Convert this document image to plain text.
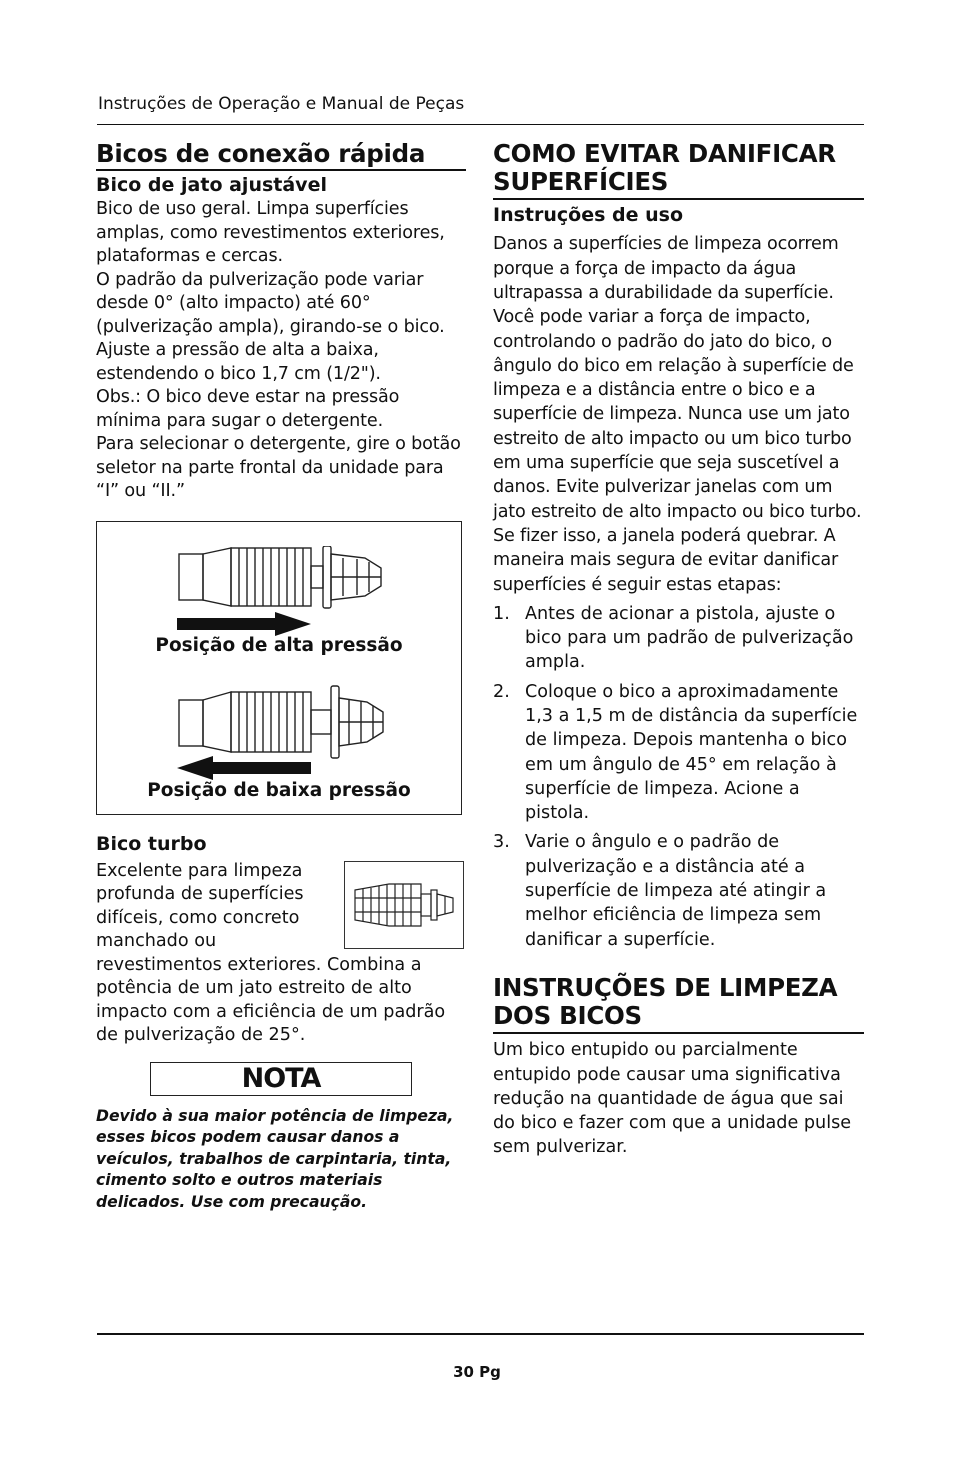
Instruções de Operação e Manual de Peças
Bicos de conexão rápida
Bico de jato ajustável

Bico de uso geral. Limpa superfícies amplas, como revestimentos exteriores, plataformas e cercas.

O padrão da pulverização pode variar desde 0° (alto impacto) até 60° (pulverização ampla), girando-se o bico. Ajuste a pressão de alta a baixa, estendendo o bico 1,7 cm (1/2").

Obs.: O bico deve estar na pressão mínima para sugar o detergente.

Para selecionar o detergente, gire o botão seletor na parte frontal da unidade para “I” ou “II.”

Posição de alta pressão
Posição de baixa pressão
Bico turbo

Excelente para limpeza profunda de superfícies difíceis, como concreto manchado ou revestimentos exteriores. Combina a potência de um jato estreito de alto impacto com a eficiência de um padrão de pulverização de 25°.

NOTA

Devido à sua maior potência de limpeza, esses bicos podem causar danos a veículos, trabalhos de carpintaria, tinta, cimento solto e outros materiais delicados. Use com precaução.

COMO EVITAR DANIFICAR SUPERFÍCIES
Instruções de uso

Danos a superfícies de limpeza ocorrem porque a força de impacto da água ultrapassa a durabilidade da superfície. Você pode variar a força de impacto, controlando o padrão do jato do bico, o ângulo do bico em relação à superfície de limpeza e a distância entre o bico e a superfície de limpeza. Nunca use um jato estreito de alto impacto ou um bico turbo em uma superfície que seja suscetível a danos. Evite pulverizar janelas com um jato estreito de alto impacto ou bico turbo. Se fizer isso, a janela poderá quebrar. A maneira mais segura de evitar danificar superfícies é seguir estas etapas:

1. Antes de acionar a pistola, ajuste o bico para um padrão de pulverização ampla.
2. Coloque o bico a aproximadamente 1,3 a 1,5 m de distância da superfície de limpeza. Depois mantenha o bico em um ângulo de 45° em relação à superfície de limpeza. Acione a pistola.
3. Varie o ângulo e o padrão de pulverização e a distância até a superfície de limpeza até atingir a melhor eficiência de limpeza sem danificar a superfície.
INSTRUÇÕES DE LIMPEZA DOS BICOS

Um bico entupido ou parcialmente entupido pode causar uma significativa redução na quantidade de água que sai do bico e fazer com que a unidade pulse sem pulverizar.

30 Pg
